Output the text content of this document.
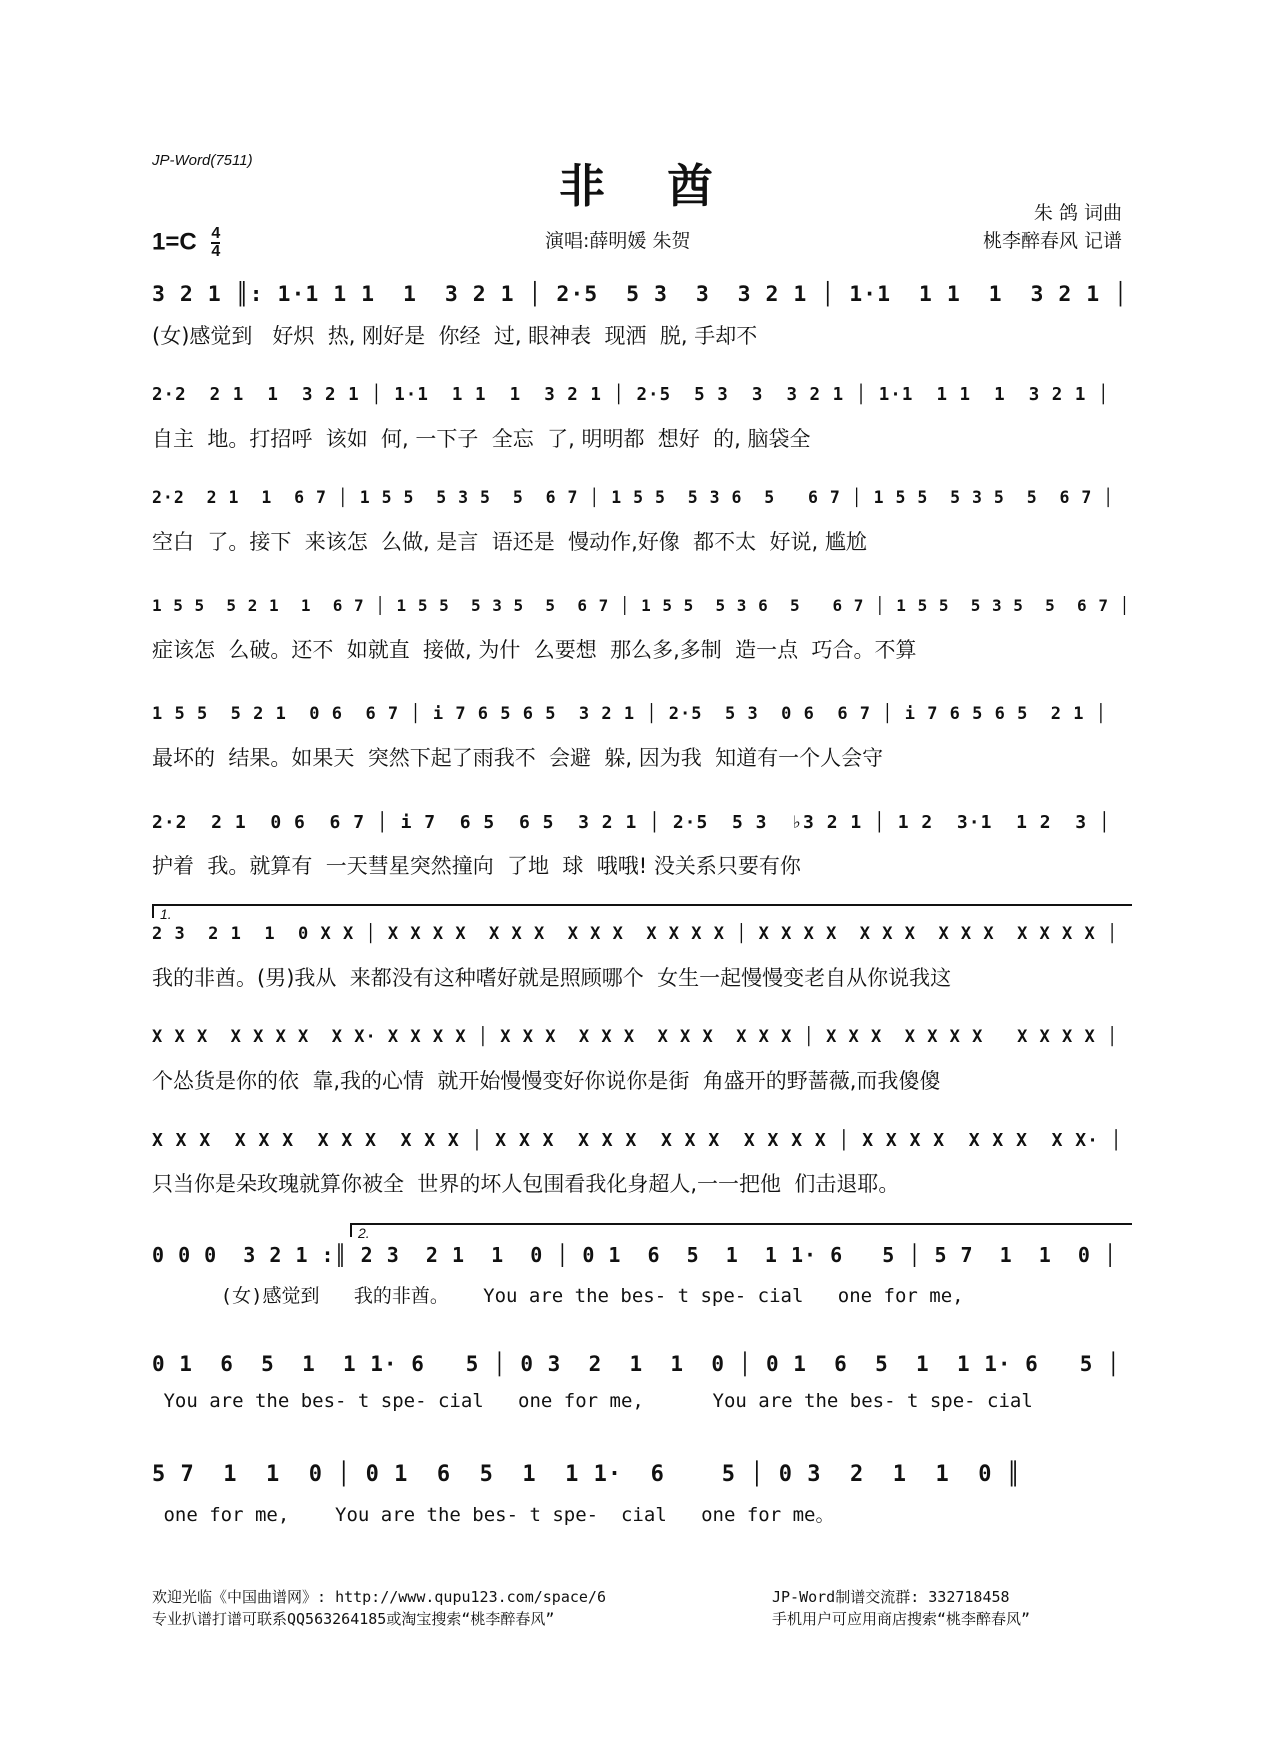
JP-Word(7511)	非酋
$1=C \frac{4}{4}$	演唱:薛明媛 朱贺
朱 鸽 词曲
桃李醉春风 记谱
3 2 1 ║: 1·1 1 1  1  3 2 1 │ 2·5  5 3  3  3 2 1 │ 1·1  1 1  1  3 2 1 │
(女)感觉到   好炽  热, 刚好是  你经  过, 眼神表  现洒  脱, 手却不
2·2  2 1  1  3 2 1 │ 1·1  1 1  1  3 2 1 │ 2·5  5 3  3  3 2 1 │ 1·1  1 1  1  3 2 1 │
自主  地。打招呼  该如  何, 一下子  全忘  了, 明明都  想好  的, 脑袋全
2·2  2 1  1  6 7 │ 1 5 5  5 3 5  5  6 7 │ 1 5 5  5 3 6  5   6 7 │ 1 5 5  5 3 5  5  6 7 │
空白  了。接下  来该怎  么做, 是言  语还是  慢动作,好像  都不太  好说, 尴尬
1 5 5  5 2 1  1  6 7 │ 1 5 5  5 3 5  5  6 7 │ 1 5 5  5 3 6  5   6 7 │ 1 5 5  5 3 5  5  6 7 │
症该怎  么破。还不  如就直  接做, 为什  么要想  那么多,多制  造一点  巧合。不算
1 5 5  5 2 1  0 6  6 7 │ i 7 6 5 6 5  3 2 1 │ 2·5  5 3  0 6  6 7 │ i 7 6 5 6 5  2 1 │
最坏的  结果。如果天  突然下起了雨我不  会避  躲, 因为我  知道有一个人会守
2·2  2 1  0 6  6 7 │ i 7  6 5  6 5  3 2 1 │ 2·5  5 3  ♭3 2 1 │ 1 2  3·1  1 2  3 │
护着  我。就算有  一天彗星突然撞向  了地  球  哦哦! 没关系只要有你
1.
2 3  2 1  1  0 X X │ X X X X  X X X  X X X  X X X X │ X X X X  X X X  X X X  X X X X │
我的非酋。(男)我从  来都没有这种嗜好就是照顾哪个  女生一起慢慢变老自从你说我这
X X X  X X X X  X X· X X X X │ X X X  X X X  X X X  X X X │ X X X  X X X X   X X X X │
个怂货是你的依  靠,我的心情  就开始慢慢变好你说你是街  角盛开的野蔷薇,而我傻傻
X X X  X X X  X X X  X X X │ X X X  X X X  X X X  X X X X │ X X X X  X X X  X X· │
只当你是朵玫瑰就算你被全  世界的坏人包围看我化身超人,一一把他  们击退耶。
2.
0 0 0  3 2 1 :║ 2 3  2 1  1  0 │ 0 1  6  5  1  1 1· 6   5 │ 5 7  1  1  0 │
(女)感觉到   我的非酋。   You are the bes- t spe- cial   one for me,
0 1  6  5  1  1 1· 6   5 │ 0 3  2  1  1  0 │ 0 1  6  5  1  1 1· 6   5 │
You are the bes- t spe- cial   one for me,      You are the bes- t spe- cial
5 7  1  1  0 │ 0 1  6  5  1  1 1·  6    5 │ 0 3  2  1  1  0 ║
one for me,    You are the bes- t spe-  cial   one for me。
欢迎光临《中国曲谱网》: http://www.qupu123.com/space/6
专业扒谱打谱可联系QQ563264185或淘宝搜索“桃李醉春风”
JP-Word制谱交流群: 332718458
手机用户可应用商店搜索“桃李醉春风”
